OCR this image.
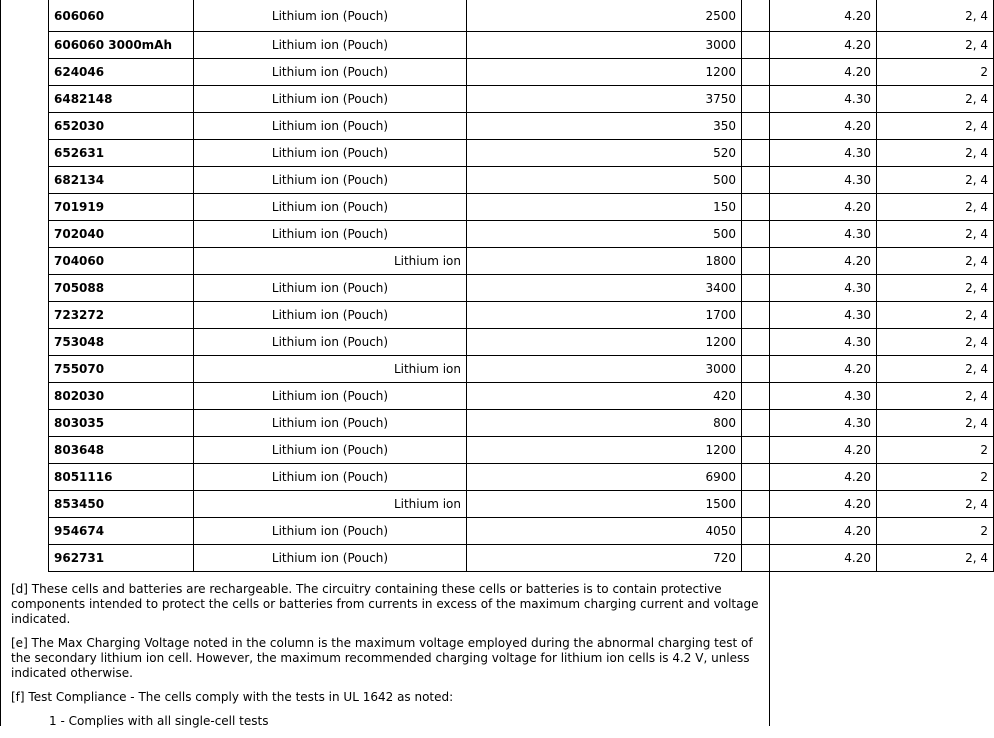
606060	Lithium ion (Pouch)	2500	4.20	2, 4
606060 3000mAh	Lithium ion (Pouch)	3000	4.20	2, 4
624046	Lithium ion (Pouch)	1200	4.20	2
6482148	Lithium ion (Pouch)	3750	4.30	2, 4
652030	Lithium ion (Pouch)	350	4.20	2, 4
652631	Lithium ion (Pouch)	520	4.30	2, 4
682134	Lithium ion (Pouch)	500	4.30	2, 4
701919	Lithium ion (Pouch)	150	4.20	2, 4
702040	Lithium ion (Pouch)	500	4.30	2, 4
704060	Lithium ion	1800	4.20	2, 4
705088	Lithium ion (Pouch)	3400	4.30	2, 4
723272	Lithium ion (Pouch)	1700	4.30	2, 4
753048	Lithium ion (Pouch)	1200	4.30	2, 4
755070	Lithium ion	3000	4.20	2, 4
802030	Lithium ion (Pouch)	420	4.30	2, 4
803035	Lithium ion (Pouch)	800	4.30	2, 4
803648	Lithium ion (Pouch)	1200	4.20	2
8051116	Lithium ion (Pouch)	6900	4.20	2
853450	Lithium ion	1500	4.20	2, 4
954674	Lithium ion (Pouch)	4050	4.20	2
962731	Lithium ion (Pouch)	720	4.20	2, 4

[d] These cells and batteries are rechargeable. The circuitry containing these cells or batteries is to contain protective components intended to protect the cells or batteries from currents in excess of the maximum charging current and voltage indicated.

[e] The Max Charging Voltage noted in the column is the maximum voltage employed during the abnormal charging test of the secondary lithium ion cell. However, the maximum recommended charging voltage for lithium ion cells is 4.2 V, unless indicated otherwise.

[f] Test Compliance - The cells comply with the tests in UL 1642 as noted:

1 - Complies with all single-cell tests
